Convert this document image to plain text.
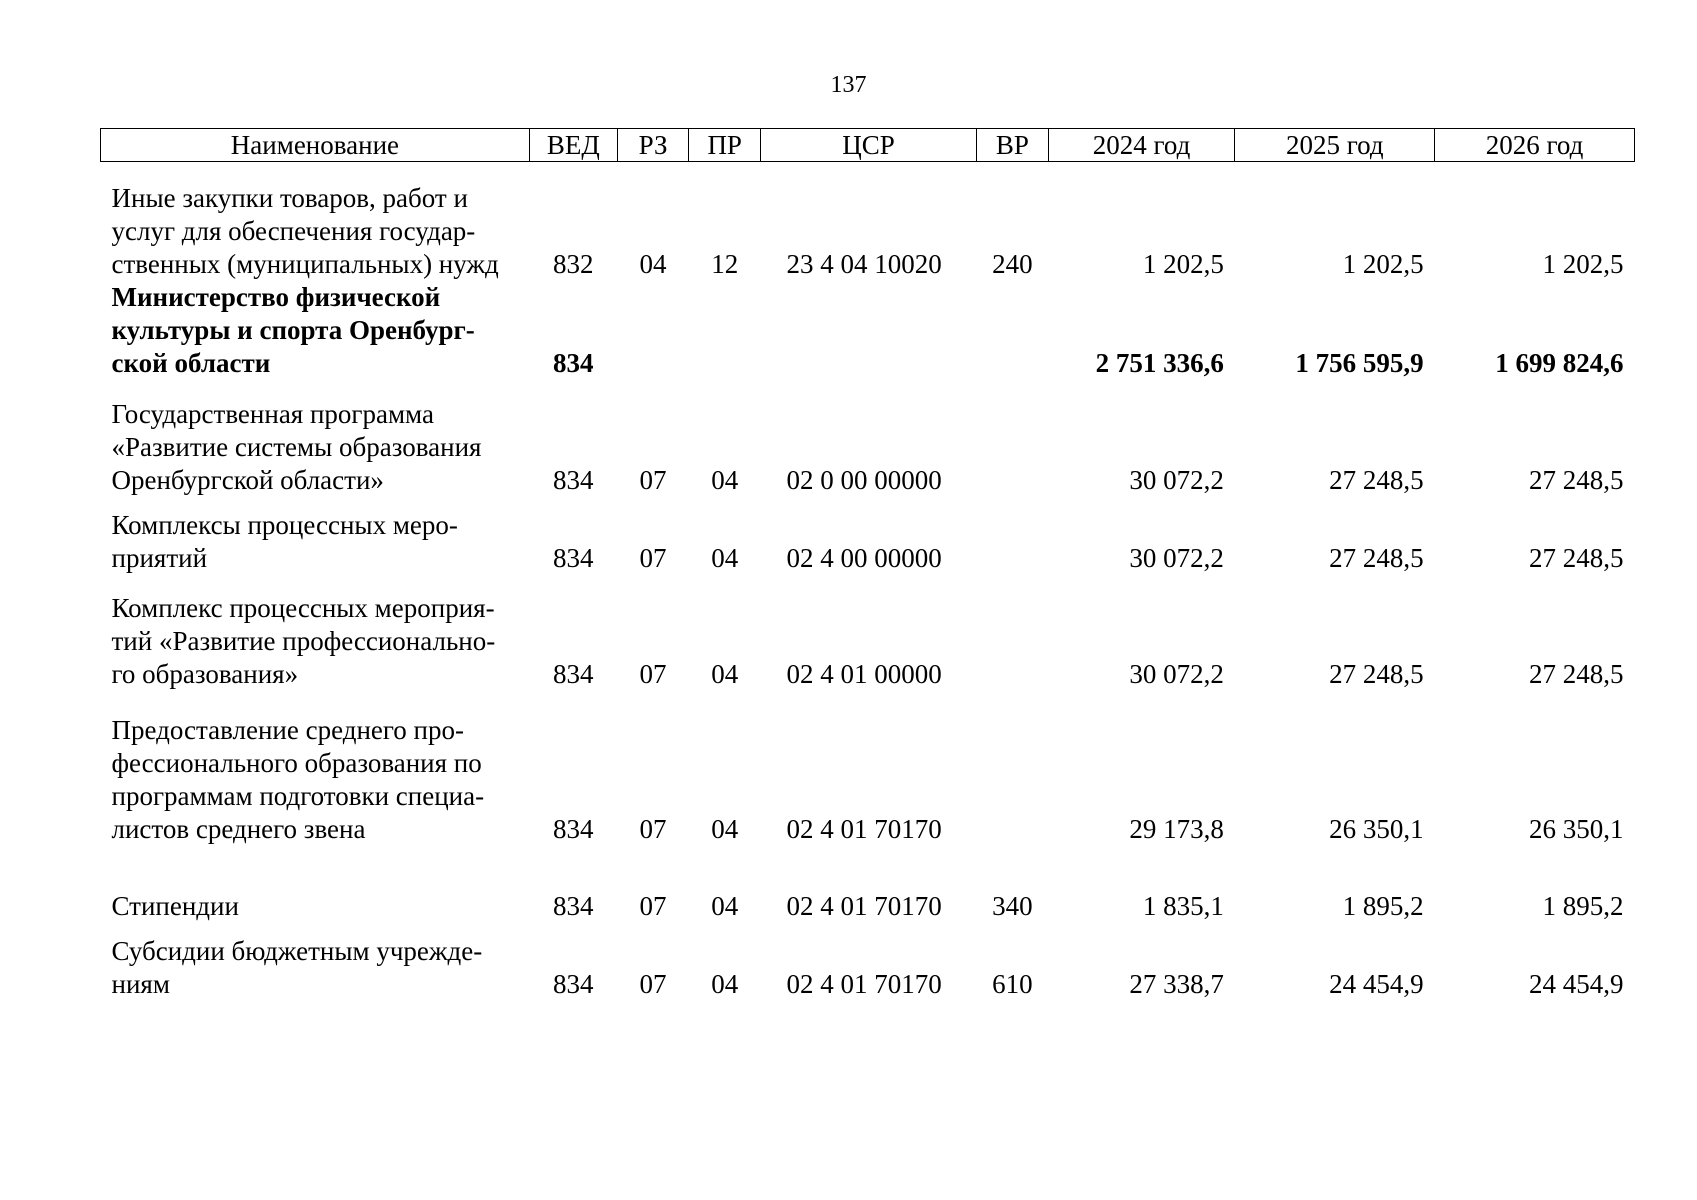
137
Наименование	ВЕД	РЗ	ПР	ЦСР	ВР	2024 год	2025 год	2026 год
Иные закупки товаров, работ и
услуг для обеспечения государ-
ственных (муниципальных) нужд	832	04	12	23 4 04 10020	240	1 202,5	1 202,5	1 202,5
Министерство физической
культуры и спорта Оренбург-
ской области	834					2 751 336,6	1 756 595,9	1 699 824,6
Государственная программа
«Развитие системы образования
Оренбургской области»	834	07	04	02 0 00 00000		30 072,2	27 248,5	27 248,5
Комплексы процессных меро-
приятий	834	07	04	02 4 00 00000		30 072,2	27 248,5	27 248,5
Комплекс процессных мероприя-
тий «Развитие профессионально-
го образования»	834	07	04	02 4 01 00000		30 072,2	27 248,5	27 248,5
Предоставление среднего про-
фессионального образования по
программам подготовки специа-
листов среднего звена	834	07	04	02 4 01 70170		29 173,8	26 350,1	26 350,1
Стипендии	834	07	04	02 4 01 70170	340	1 835,1	1 895,2	1 895,2
Субсидии бюджетным учрежде-
ниям	834	07	04	02 4 01 70170	610	27 338,7	24 454,9	24 454,9
